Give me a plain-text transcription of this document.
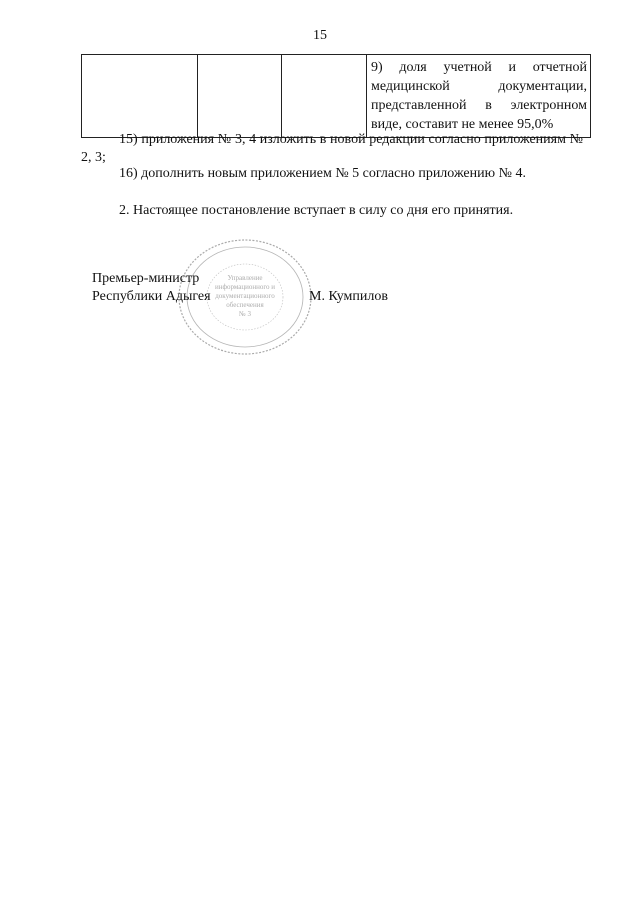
15
			9) доля учетной и отчетной медицинской документации, представленной в электронном виде, составит не менее 95,0%
15) приложения № 3, 4 изложить в новой редакции согласно приложениям № 2, 3;
16) дополнить новым приложением № 5 согласно приложению № 4.
2. Настоящее постановление вступает в силу со дня его принятия.
Управление
информационного и
документационного
обеспечения
№ 3
Премьер-министр
Республики Адыгея	М. Кумпилов
